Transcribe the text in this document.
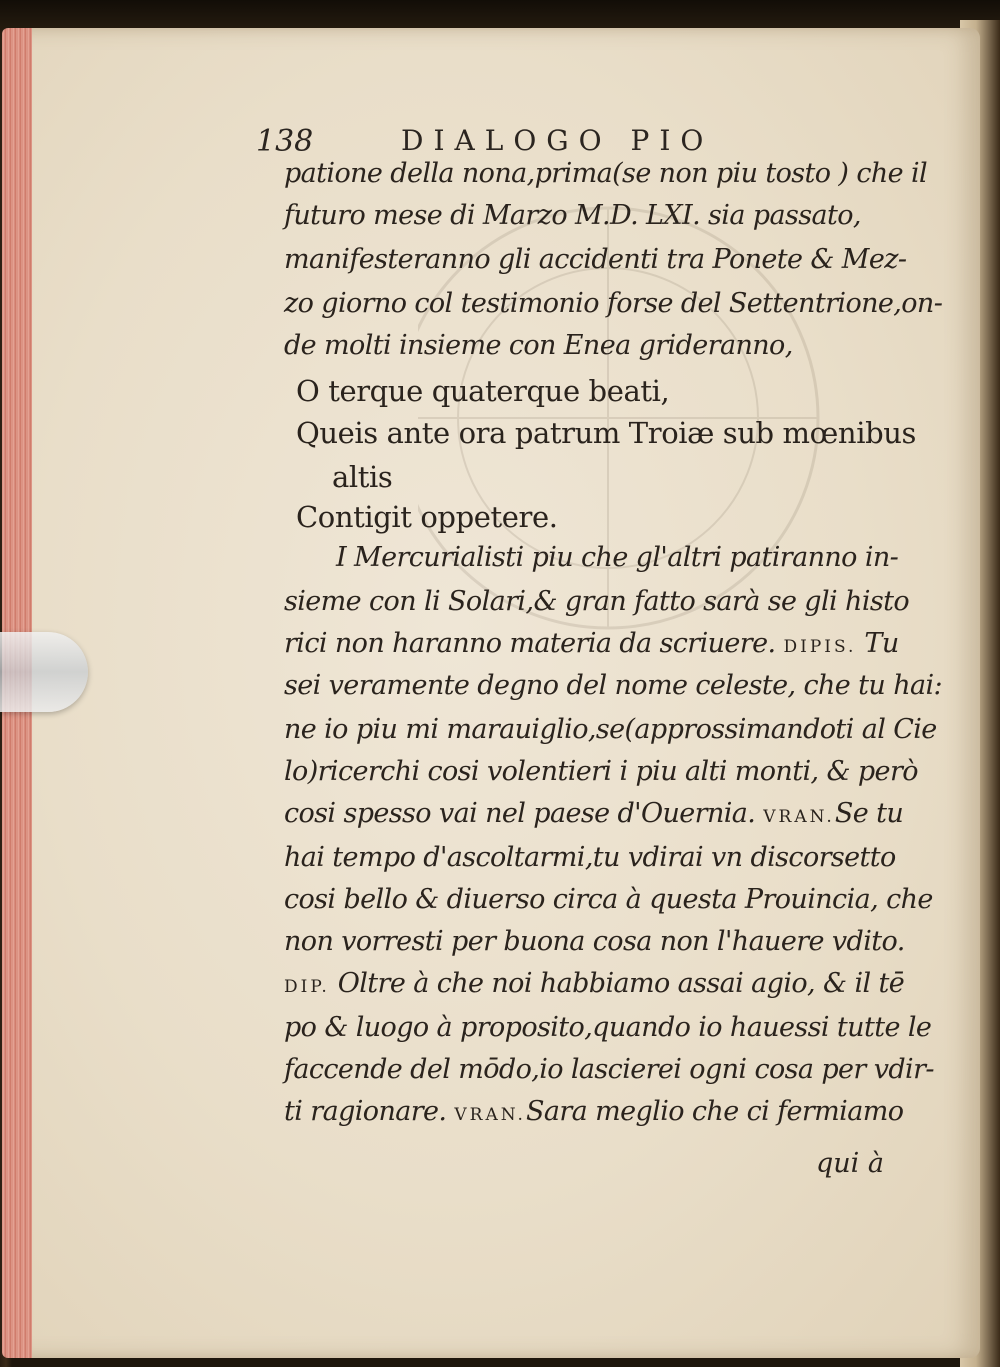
138	DIALOGO PIO
patione della nona,prima(se non piu tosto ) che il
futuro mese di Marzo M.D. LXI. sia passato,
manifesteranno gli accidenti tra Ponete & Mez-
zo giorno col testimonio forse del Settentrione,on-
de molti insieme con Enea grideranno,
O terque quaterque beati,
Queis ante ora patrum Troiæ sub mœnibus
altis
Contigit oppetere.
I Mercurialisti piu che gl'altri patiranno in-
sieme con li Solari,& gran fatto sarà se gli histo
rici non haranno materia da scriuere. DIPIS. Tu
sei veramente degno del nome celeste, che tu hai:
ne io piu mi marauiglio,se(approssimandoti al Cie
lo)ricerchi cosi volentieri i piu alti monti, & però
cosi spesso vai nel paese d'Ouernia. VRAN.Se tu
hai tempo d'ascoltarmi,tu vdirai vn discorsetto
cosi bello & diuerso circa à questa Prouincia, che
non vorresti per buona cosa non l'hauere vdito.
DIP. Oltre à che noi habbiamo assai agio, & il tē
po & luogo à proposito,quando io hauessi tutte le
faccende del mōdo,io lascierei ogni cosa per vdir-
ti ragionare. VRAN.Sara meglio che ci fermiamo
qui à
